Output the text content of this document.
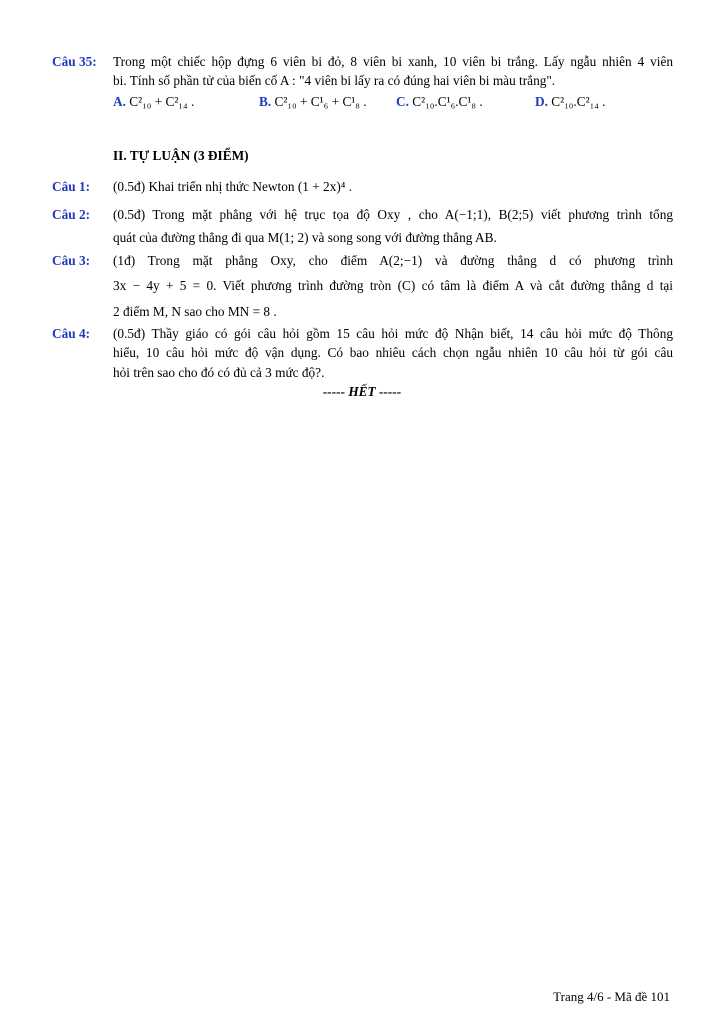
Câu 35: Trong một chiếc hộp đựng 6 viên bi đỏ, 8 viên bi xanh, 10 viên bi trắng. Lấy ngẫu nhiên 4 viên
bi. Tính số phần tử của biến cố A : "4 viên bi lấy ra có đúng hai viên bi màu trắng".
A. C²₁₀ + C²₁₄ .	B. C²₁₀ + C¹₆ + C¹₈ . C. C²₁₀.C¹₆.C¹₈ .	D. C²₁₀.C²₁₄ .
II. TỰ LUẬN (3 ĐIỂM)
Câu 1: (0.5đ) Khai triển nhị thức Newton (1 + 2x)⁴ .
Câu 2: (0.5đ) Trong mặt phẳng với hệ trục tọa độ Oxy , cho A(−1;1), B(2;5) viết phương trình tổng
quát của đường thẳng đi qua M(1; 2) và song song với đường thẳng AB.
Câu 3: (1đ) Trong mặt phẳng Oxy, cho điểm A(2;−1) và đường thẳng d có phương trình
3x − 4y + 5 = 0. Viết phương trình đường tròn (C) có tâm là điểm A và cắt đường thẳng d tại
2 điểm M, N sao cho MN = 8 .
Câu 4: (0.5đ) Thầy giáo có gói câu hỏi gồm 15 câu hỏi mức độ Nhận biết, 14 câu hỏi mức độ Thông
hiểu, 10 câu hỏi mức độ vận dụng. Có bao nhiêu cách chọn ngẫu nhiên 10 câu hỏi từ gói câu
hỏi trên sao cho đó có đủ cả 3 mức độ?.
----- HẾT -----
Trang 4/6 - Mã đề 101
